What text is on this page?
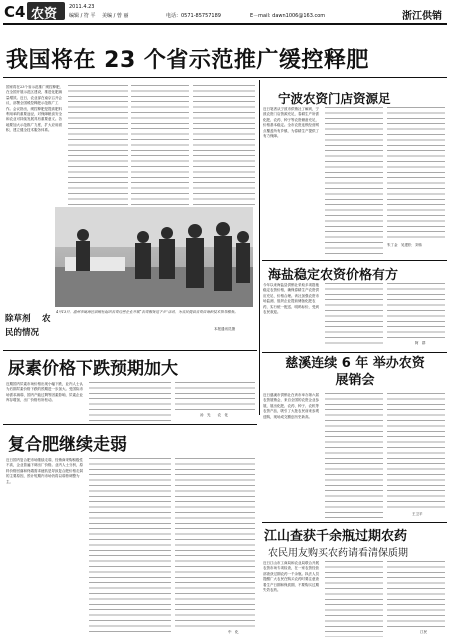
C4 农资 2011.4.23
编辑 / 符 平 　美编 / 曾 丽	电话：0571-85757189	E－mail: dawn1006@163.com	浙江供销
我国将在 23 个省示范推广缓控释肥
国家将在23个省示范推广缓控释肥，在全国开展示范区建设，推进化肥减量增效。近日，农业部在南京召开会议，部署全国缓控释肥示范推广工作。会议指出，缓控释肥是提高肥料利用率的重要途径，对保障粮食安全和农业可持续发展具有重要意义。各地要加大示范推广力度，扩大应用面积，建立健全技术服务体系。
除草剂 　农民的情况
4月13日，温州市瓯海区供销社组织农资经营企业开展“农资服务送下乡”活动，为农民提供农资咨询和技术指导服务。
　　　　本报通讯员摄
宁波农资门店资源足
近日笔者从宁波市供销社了解到，宁波农资门店资源充足，春耕生产所需化肥、农药、种子等农资储备充足，价格基本稳定。全市农资连锁经营网点覆盖所有乡镇，为春耕生产提供了有力保障。
朱丁金　吴建松　刘伟
海盐稳定农资价格有方
今年以来海盐县供销社采取多项措施稳定农资价格，确保春耕生产农资供应充足、价格合理。该社加强农资市场监测，组织企业提前储备化肥农药，实行统一配送、明码标价，受到农民欢迎。
阿　群
慈溪连续 6 年 举办农资展销会
近日慈溪市供销社在该市举办第六届农资展销会，来自全国的农资企业参展，展出化肥、农药、种子、农机等农资产品，吸引了大批农民前来参观选购，现场成交额创历史新高。
王卫平
江山查获千余瓶过期农药
农民用友购买农药请看清保质期
近日江山市工商局和农业局联合开展农资市场专项检查，在一家农资经营部查获过期农药一千余瓶。执法人员提醒广大农民在购买农药时要注意查看生产日期和保质期，不要购买过期失效农药。
江民
尿素价格下跌预期加大
近期国内尿素市场价格出现小幅下跌，业内人士认为后期尿素价格下跌的预期进一步加大。受国际市场需求减弱、国内产能过剩等因素影响，尿素企业库存增加，出厂价格有所松动。
汤　光　　农　化
复合肥继续走弱
近日国内复合肥市场继续走弱，经销商采购积极性不高，企业普遍下调出厂价格。业内人士分析，原料价格回落和终端需求疲软是导致复合肥价格走弱的主要原因，预计短期内市场仍将以弱势调整为主。
中　化
